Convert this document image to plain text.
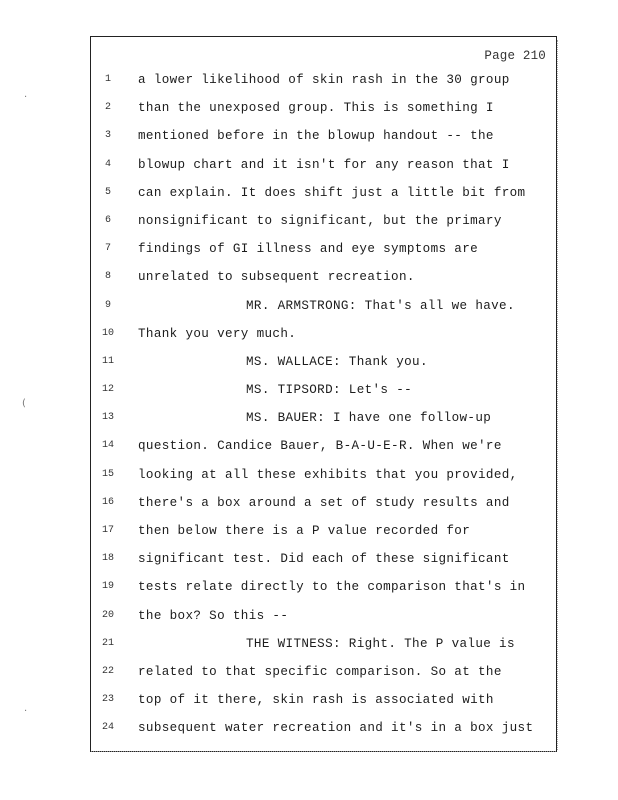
·
(
·
Page 210
1	a lower likelihood of skin rash in the 30 group
2	than the unexposed group. This is something I
3	mentioned before in the blowup handout -- the
4	blowup chart and it isn't for any reason that I
5	can explain. It does shift just a little bit from
6	nonsignificant to significant, but the primary
7	findings of GI illness and eye symptoms are
8	unrelated to subsequent recreation.
9	MR. ARMSTRONG: That's all we have.
10	Thank you very much.
11	MS. WALLACE: Thank you.
12	MS. TIPSORD: Let's --
13	MS. BAUER: I have one follow-up
14	question. Candice Bauer, B-A-U-E-R. When we're
15	looking at all these exhibits that you provided,
16	there's a box around a set of study results and
17	then below there is a P value recorded for
18	significant test. Did each of these significant
19	tests relate directly to the comparison that's in
20	the box? So this --
21	THE WITNESS: Right. The P value is
22	related to that specific comparison. So at the
23	top of it there, skin rash is associated with
24	subsequent water recreation and it's in a box just
